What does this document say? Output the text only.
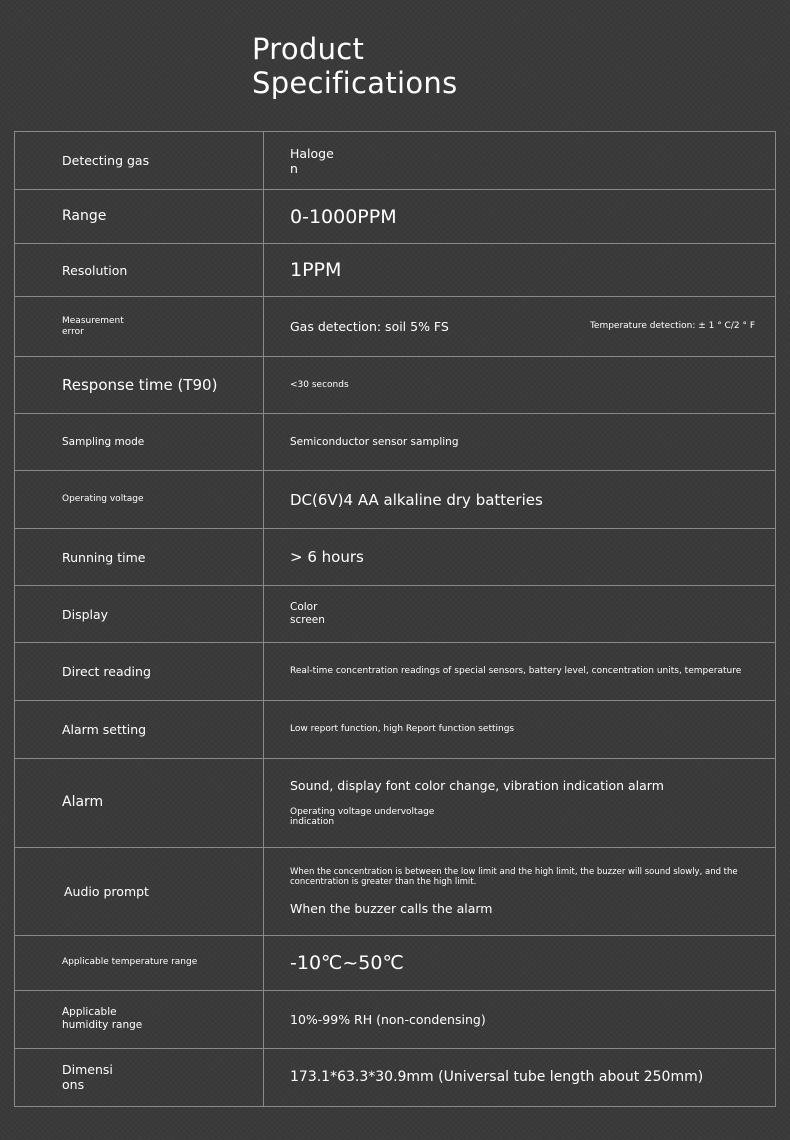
Product
Specifications
Detecting gas	Haloge n

Range	0-1000PPM

Resolution	1PPM

Measurement error	Gas detection: soil 5% FS Temperature detection: ± 1 ° C/2 ° F

Response time (T90)	<30 seconds

Sampling mode	Semiconductor sensor sampling

Operating voltage	DC(6V)4 AA alkaline dry batteries

Running time	> 6 hours

Display	Color screen

Direct reading	Real-time concentration readings of special sensors, battery level, concentration units, temperature

Alarm setting	Low report function, high Report function settings

Alarm	Sound, display font color change, vibration indication alarm
Operating voltage undervoltage indication

Audio prompt	When the concentration is between the low limit and the high limit, the buzzer will sound slowly, and the concentration is greater than the high limit.
When the buzzer calls the alarm

Applicable temperature range	-10℃~50℃

Applicable humidity range	10%-99% RH (non-condensing)

Dimensi ons	173.1*63.3*30.9mm (Universal tube length about 250mm)
